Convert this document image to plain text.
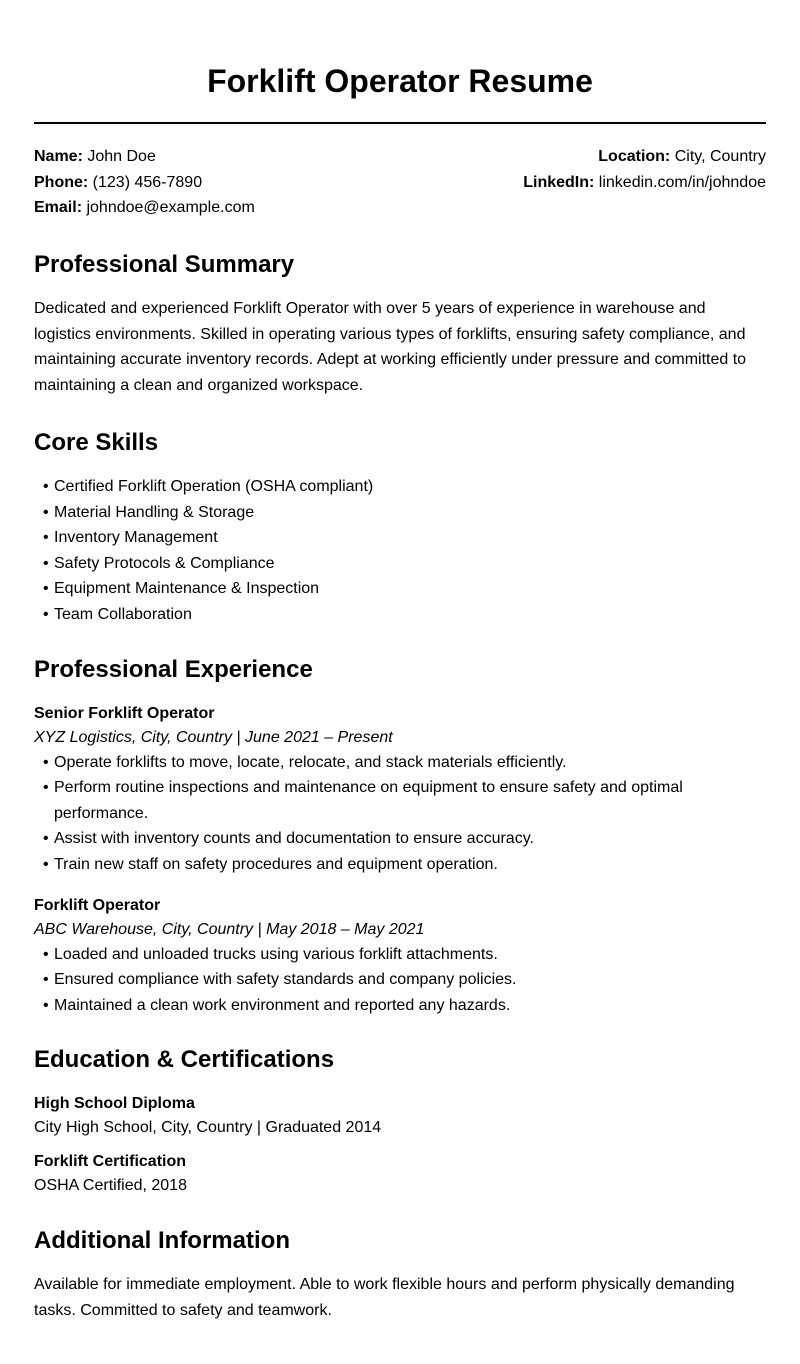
Forklift Operator Resume
Name: John Doe
Phone: (123) 456-7890
Email: johndoe@example.com
Location: City, Country
LinkedIn: linkedin.com/in/johndoe
Professional Summary

Dedicated and experienced Forklift Operator with over 5 years of experience in warehouse and logistics environments. Skilled in operating various types of forklifts, ensuring safety compliance, and maintaining accurate inventory records. Adept at working efficiently under pressure and committed to maintaining a clean and organized workspace.

Core Skills
• Certified Forklift Operation (OSHA compliant)
• Material Handling & Storage
• Inventory Management
• Safety Protocols & Compliance
• Equipment Maintenance & Inspection
• Team Collaboration
Professional Experience
Senior Forklift Operator
XYZ Logistics, City, Country | June 2021 – Present
• Operate forklifts to move, locate, relocate, and stack materials efficiently.
• Perform routine inspections and maintenance on equipment to ensure safety and optimal performance.
• Assist with inventory counts and documentation to ensure accuracy.
• Train new staff on safety procedures and equipment operation.
Forklift Operator
ABC Warehouse, City, Country | May 2018 – May 2021
• Loaded and unloaded trucks using various forklift attachments.
• Ensured compliance with safety standards and company policies.
• Maintained a clean work environment and reported any hazards.
Education & Certifications
High School Diploma
City High School, City, Country | Graduated 2014
Forklift Certification
OSHA Certified, 2018
Additional Information

Available for immediate employment. Able to work flexible hours and perform physically demanding tasks. Committed to safety and teamwork.
